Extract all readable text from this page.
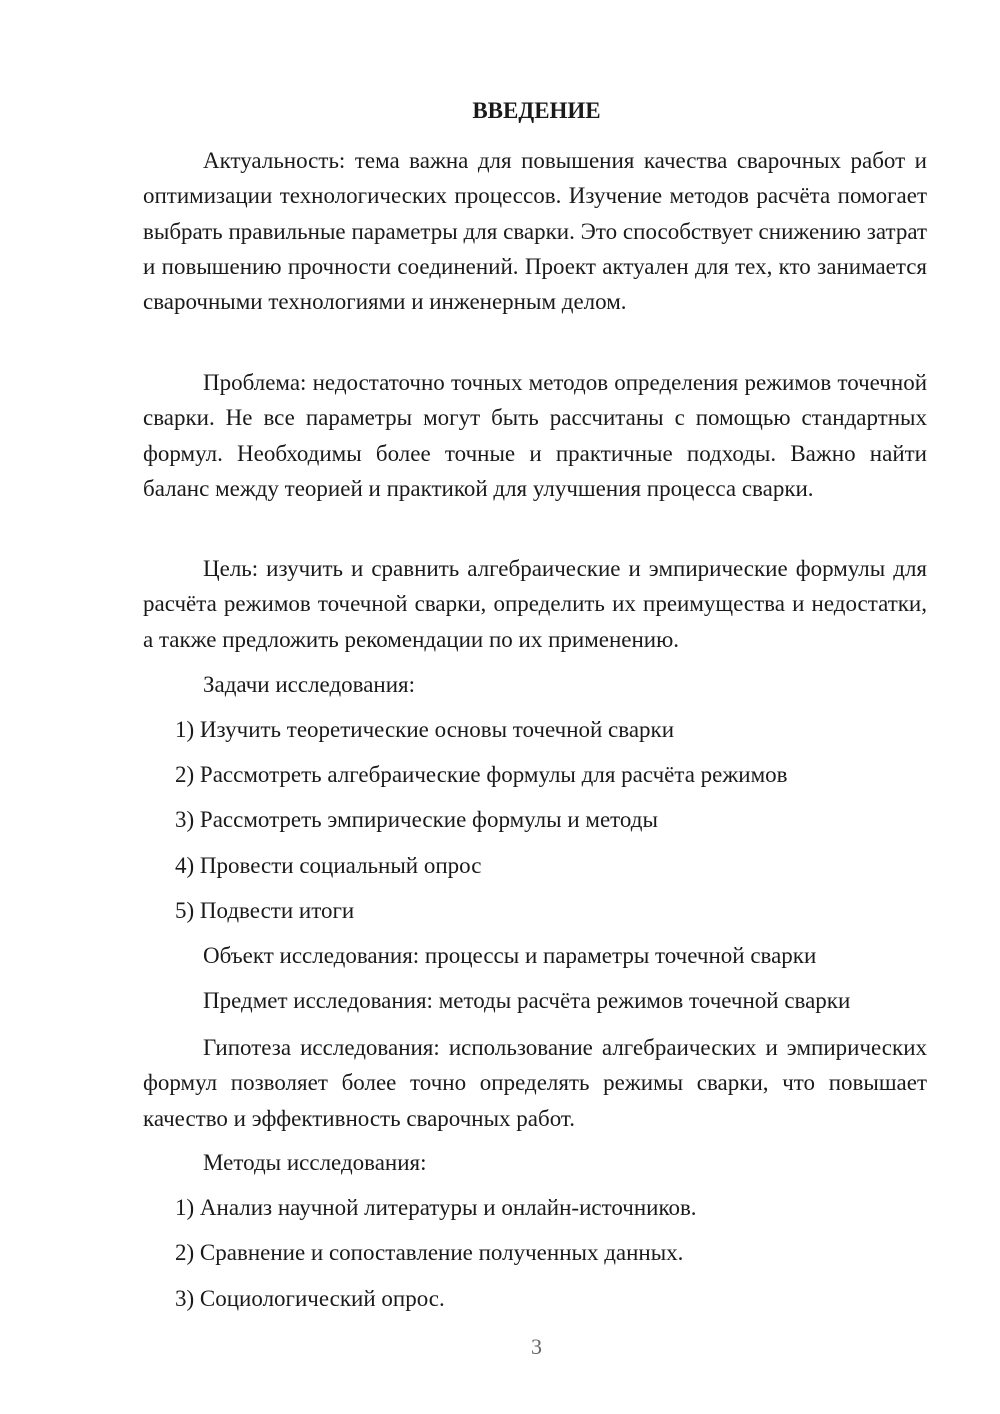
ВВЕДЕНИЕ

Актуальность: тема важна для повышения качества сварочных работ и оптимизации технологических процессов. Изучение методов расчёта помогает выбрать правильные параметры для сварки. Это способствует снижению затрат и повышению прочности соединений. Проект актуален для тех, кто занимается сварочными технологиями и инженерным делом.

Проблема: недостаточно точных методов определения режимов точечной сварки. Не все параметры могут быть рассчитаны с помощью стандартных формул. Необходимы более точные и практичные подходы. Важно найти баланс между теорией и практикой для улучшения процесса сварки.

Цель: изучить и сравнить алгебраические и эмпирические формулы для расчёта режимов точечной сварки, определить их преимущества и недостатки, а также предложить рекомендации по их применению.

Задачи исследования:

1) Изучить теоретические основы точечной сварки

2) Рассмотреть алгебраические формулы для расчёта режимов

3) Рассмотреть эмпирические формулы и методы

4) Провести социальный опрос

5) Подвести итоги

Объект исследования: процессы и параметры точечной сварки

Предмет исследования: методы расчёта режимов точечной сварки

Гипотеза исследования: использование алгебраических и эмпирических формул позволяет более точно определять режимы сварки, что повышает качество и эффективность сварочных работ.

Методы исследования:

1) Анализ научной литературы и онлайн-источников.

2) Сравнение и сопоставление полученных данных.

3) Социологический опрос.

3
